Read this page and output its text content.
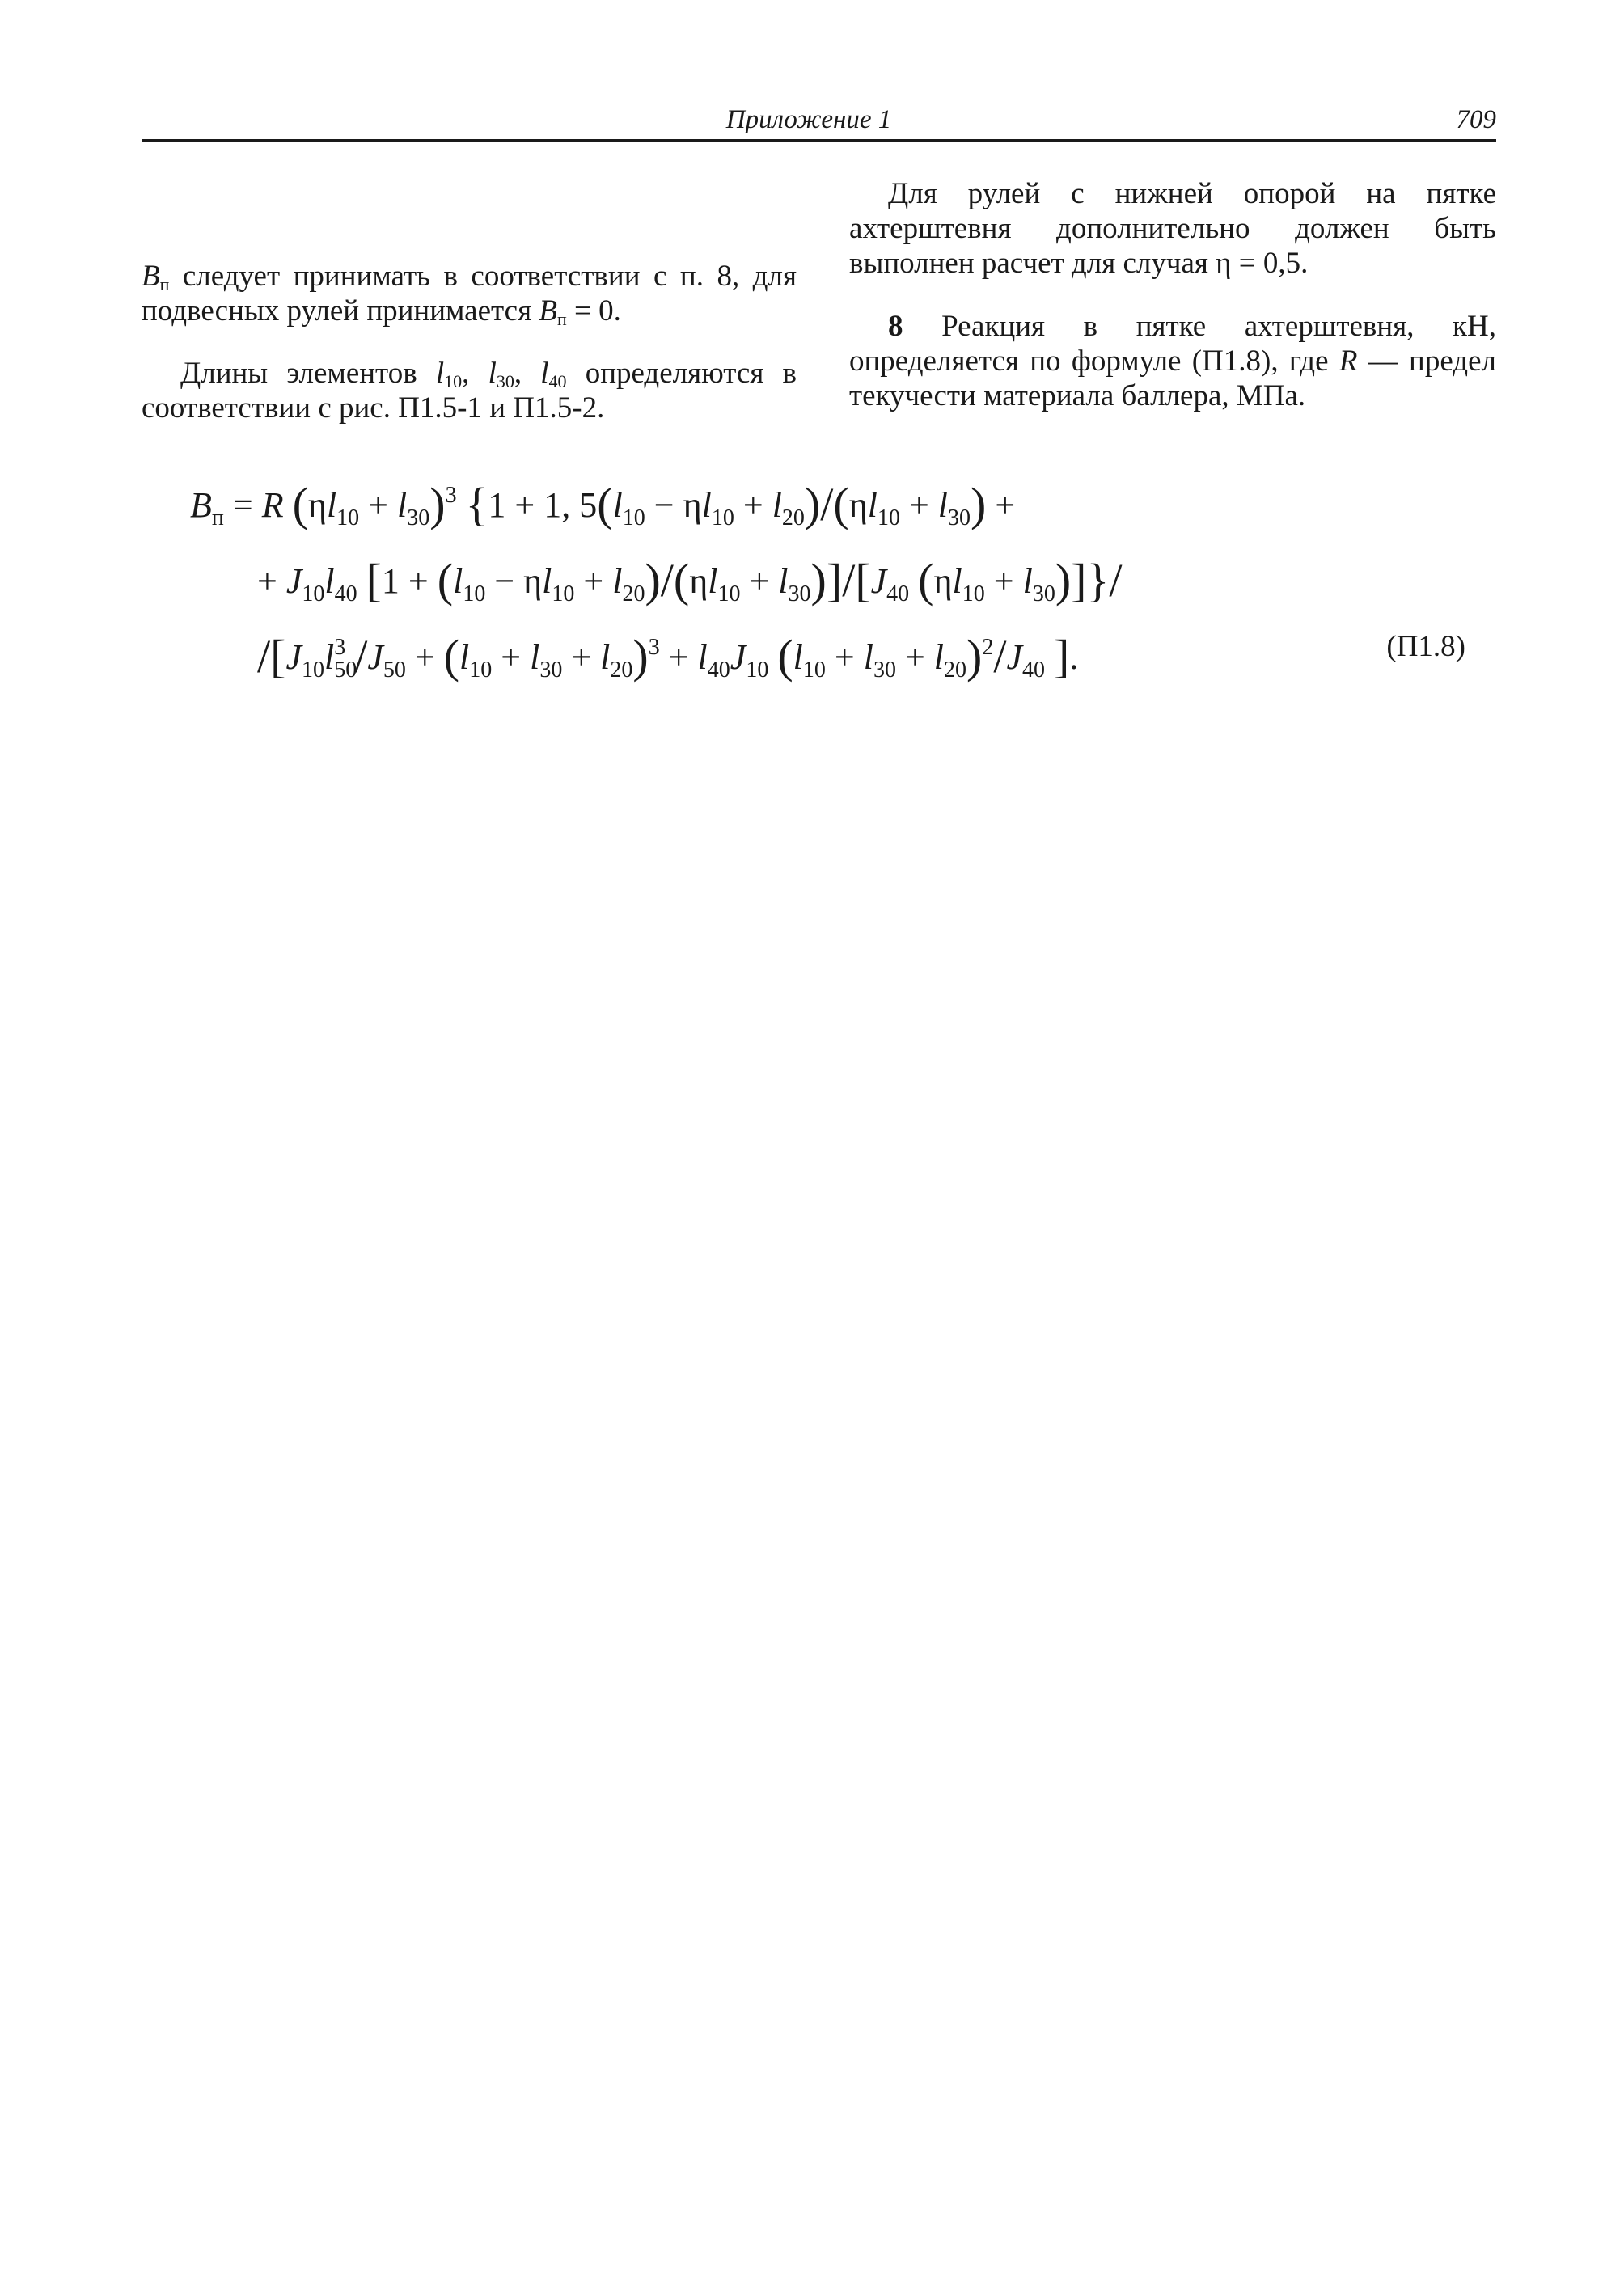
Приложение 1	709

$B_п$ следует принимать в соответствии с п. 8, для подвесных рулей принимается $B_п = 0$.

Длины элементов $l_{10}$, $l_{30}$, $l_{40}$ определяются в соответствии с рис. П1.5-1 и П1.5-2.

Для рулей с нижней опорой на пятке ахтерштевня дополнительно должен быть выполнен расчет для случая η = 0,5.

8 Реакция в пятке ахтерштевня, кН, определяется по формуле (П1.8), где R — предел текучести материала баллера, МПа.

$B_п = R$ $(\eta l_{10} + l_{30})^3$ {1 + 1, $5(l_{10} - \eta l_{10} + l_{20})/(\eta l_{10} + l_{30})$ +
+ $J_{10}l_{40}$ $[1 + (l_{10} - \eta l_{10} + l_{20})/(\eta l_{10} + l_{30})]/[J_{40}$ $(\eta l_{10} + l_{30})]\}/$
$/[J_{10}l_{50}^3$ $/J_{50} + (l_{10} + l_{30} + l_{20})^3 + l_{40}J_{10}$ $(l_{10} + l_{30} + l_{20})^2/J_{40}$ ].	(П1.8)
